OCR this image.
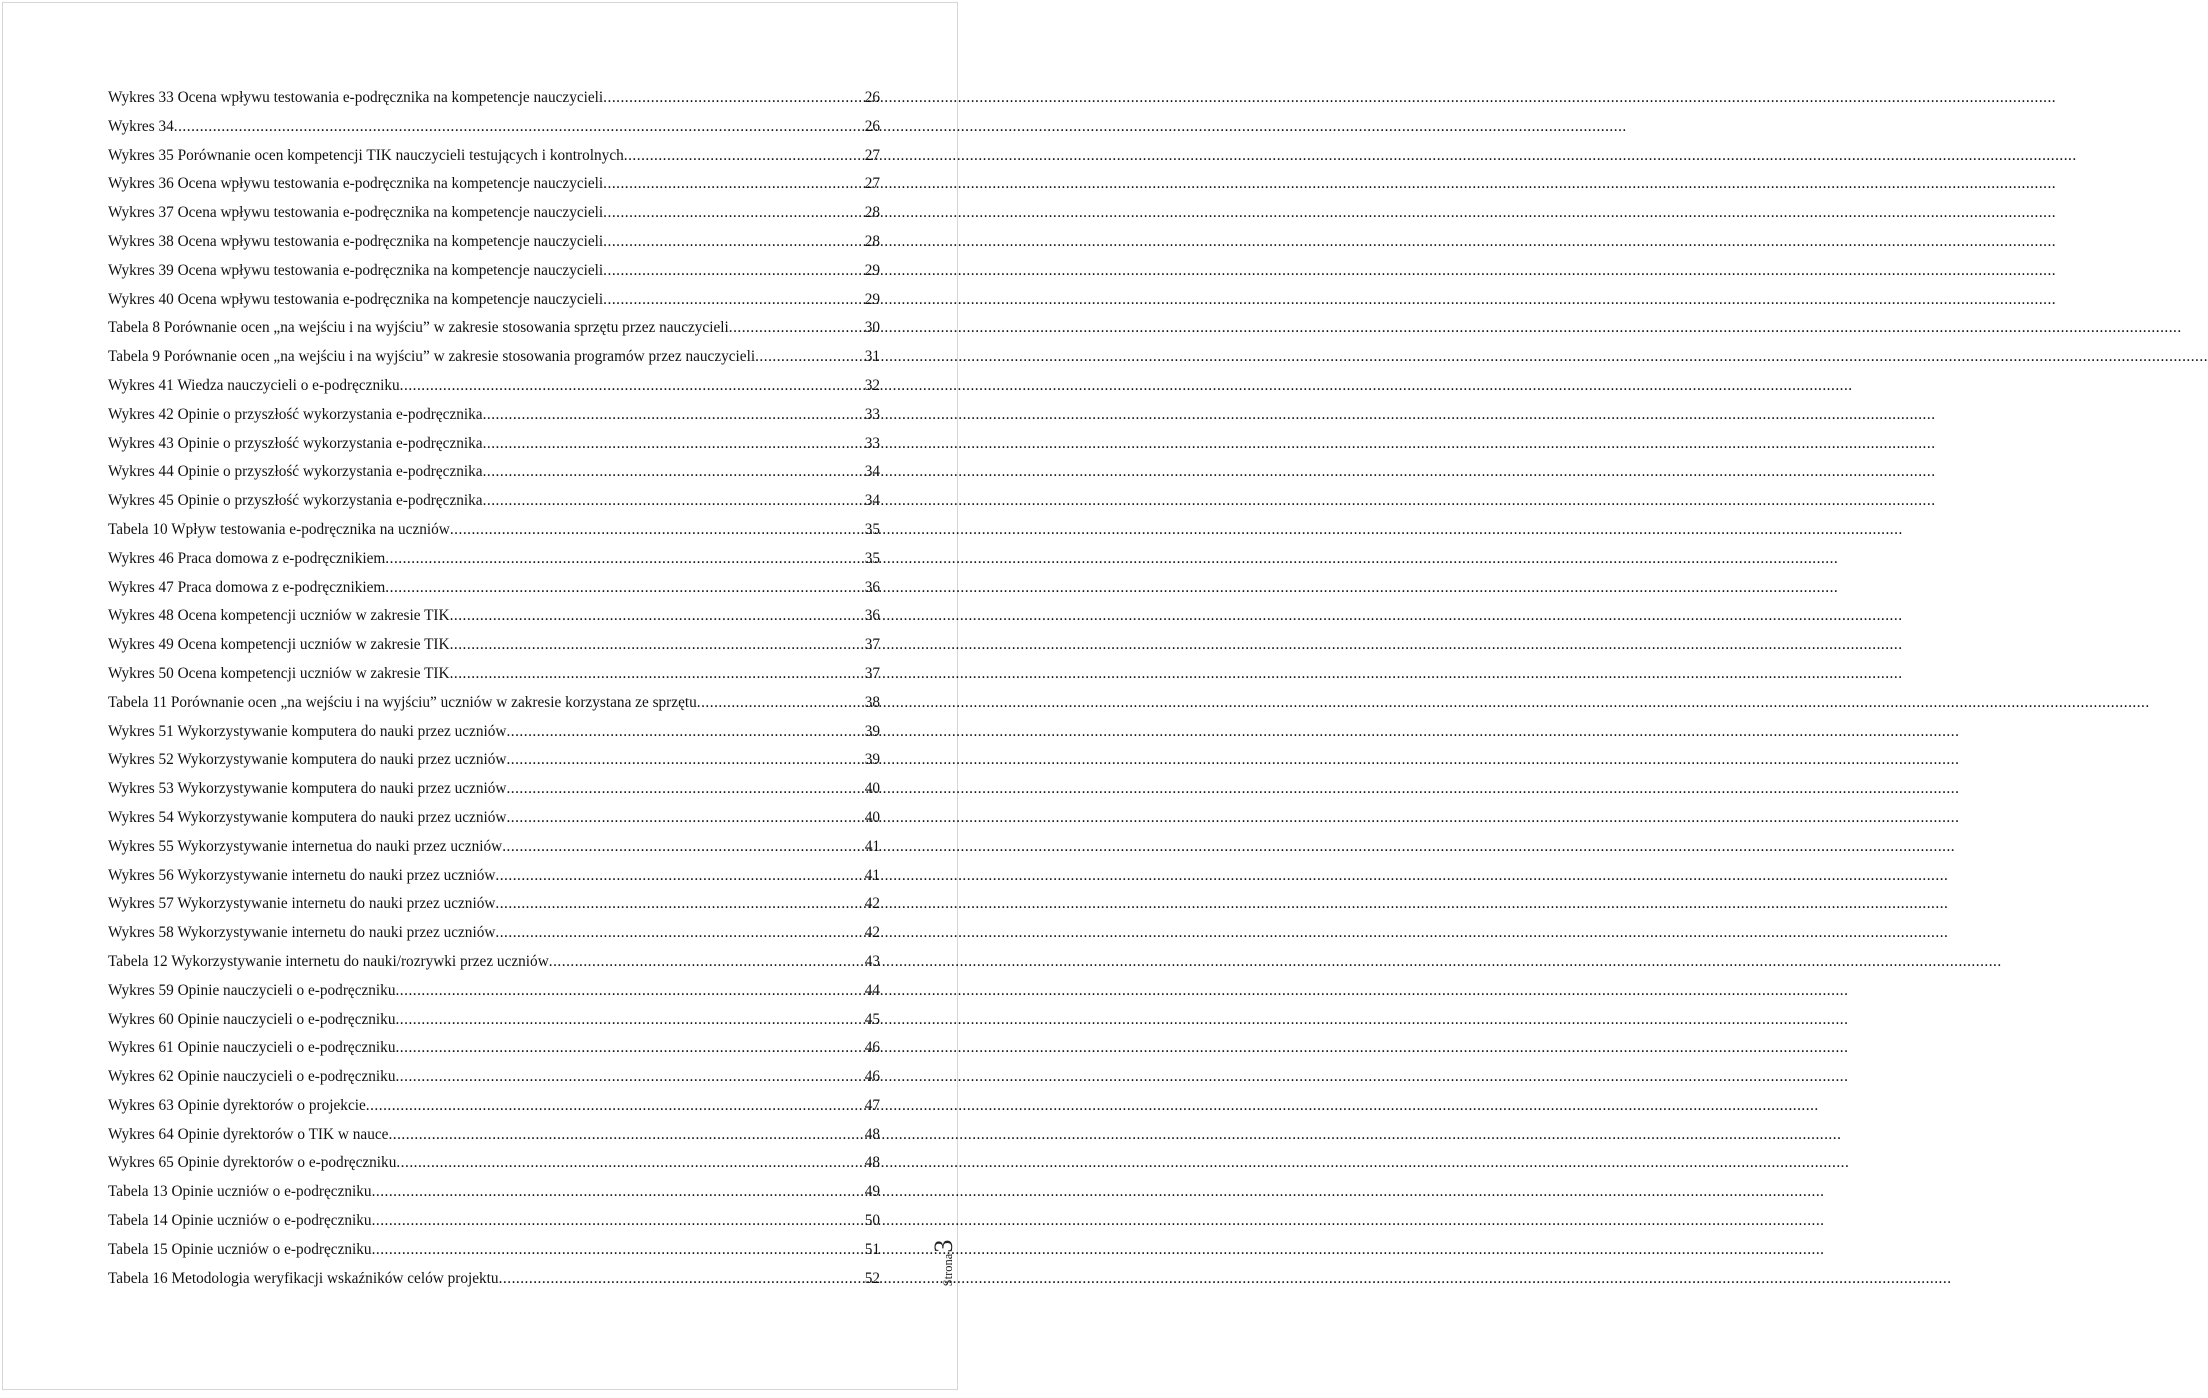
Wykres 33 Ocena wpływu testowania e-podręcznika na kompetencje nauczycieli .....	26
Wykres 34 .....	26
Wykres 35 Porównanie ocen kompetencji TIK nauczycieli testujących i kontrolnych .....	27
Wykres 36 Ocena wpływu testowania e-podręcznika na kompetencje nauczycieli .....	27
Wykres 37 Ocena wpływu testowania e-podręcznika na kompetencje nauczycieli .....	28
Wykres 38 Ocena wpływu testowania e-podręcznika na kompetencje nauczycieli .....	28
Wykres 39 Ocena wpływu testowania e-podręcznika na kompetencje nauczycieli .....	29
Wykres 40 Ocena wpływu testowania e-podręcznika na kompetencje nauczycieli .....	29
Tabela 8 Porównanie ocen „na wejściu i na wyjściu” w zakresie stosowania sprzętu przez nauczycieli .....	30
Tabela 9 Porównanie ocen „na wejściu i na wyjściu” w zakresie stosowania programów przez nauczycieli .....	31
Wykres 41 Wiedza nauczycieli o e-podręczniku .....	32
Wykres 42 Opinie o przyszłość wykorzystania e-podręcznika .....	33
Wykres 43 Opinie o przyszłość wykorzystania e-podręcznika .....	33
Wykres 44 Opinie o przyszłość wykorzystania e-podręcznika .....	34
Wykres 45 Opinie o przyszłość wykorzystania e-podręcznika .....	34
Tabela 10 Wpływ testowania e-podręcznika na uczniów .....	35
Wykres 46 Praca domowa z e-podręcznikiem .....	35
Wykres 47 Praca domowa z e-podręcznikiem .....	36
Wykres 48 Ocena kompetencji uczniów w zakresie TIK .....	36
Wykres 49 Ocena kompetencji uczniów w zakresie TIK .....	37
Wykres 50 Ocena kompetencji uczniów w zakresie TIK .....	37
Tabela 11 Porównanie ocen „na wejściu i na wyjściu” uczniów w zakresie korzystana ze sprzętu .....	38
Wykres 51 Wykorzystywanie komputera do nauki przez uczniów .....	39
Wykres 52 Wykorzystywanie komputera do nauki przez uczniów .....	39
Wykres 53 Wykorzystywanie komputera do nauki przez uczniów .....	40
Wykres 54 Wykorzystywanie komputera do nauki przez uczniów .....	40
Wykres 55 Wykorzystywanie internetua do nauki przez uczniów .....	41
Wykres 56 Wykorzystywanie internetu do nauki przez uczniów .....	41
Wykres 57 Wykorzystywanie internetu do nauki przez uczniów .....	42
Wykres 58 Wykorzystywanie internetu do nauki przez uczniów .....	42
Tabela 12 Wykorzystywanie internetu do nauki/rozrywki przez uczniów .....	43
Wykres 59 Opinie nauczycieli o e-podręczniku .....	44
Wykres 60 Opinie nauczycieli o e-podręczniku .....	45
Wykres 61 Opinie nauczycieli o e-podręczniku .....	46
Wykres 62 Opinie nauczycieli o e-podręczniku .....	46
Wykres 63 Opinie dyrektorów o projekcie .....	47
Wykres 64 Opinie dyrektorów o TIK w nauce .....	48
Wykres 65 Opinie dyrektorów o e-podręczniku .....	48
Tabela 13 Opinie uczniów o e-podręczniku .....	49
Tabela 14 Opinie uczniów o e-podręczniku .....	50
Tabela 15 Opinie uczniów o e-podręczniku .....	51
Tabela 16 Metodologia weryfikacji wskaźników celów projektu .....	52	Strona
3
